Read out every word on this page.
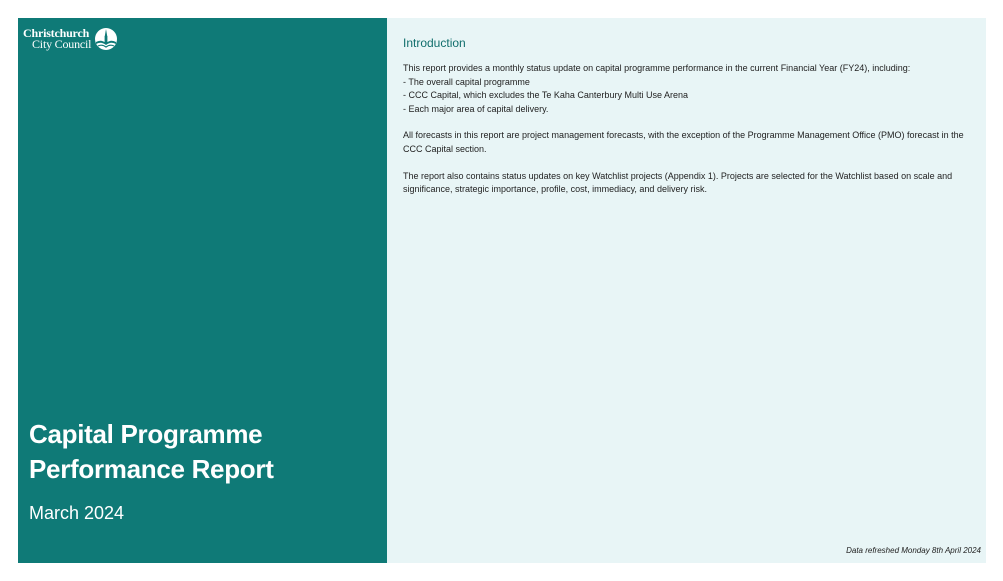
Christchurch
City Council
Capital Programme
Performance Report

March 2024

Introduction

This report provides a monthly status update on capital programme performance in the current Financial Year (FY24), including:
- The overall capital programme
- CCC Capital, which excludes the Te Kaha Canterbury Multi Use Arena
- Each major area of capital delivery.

All forecasts in this report are project management forecasts, with the exception of the Programme Management Office (PMO) forecast in the CCC Capital section.

The report also contains status updates on key Watchlist projects (Appendix 1). Projects are selected for the Watchlist based on scale and significance, strategic importance, profile, cost, immediacy, and delivery risk.

Data refreshed Monday 8th April 2024
